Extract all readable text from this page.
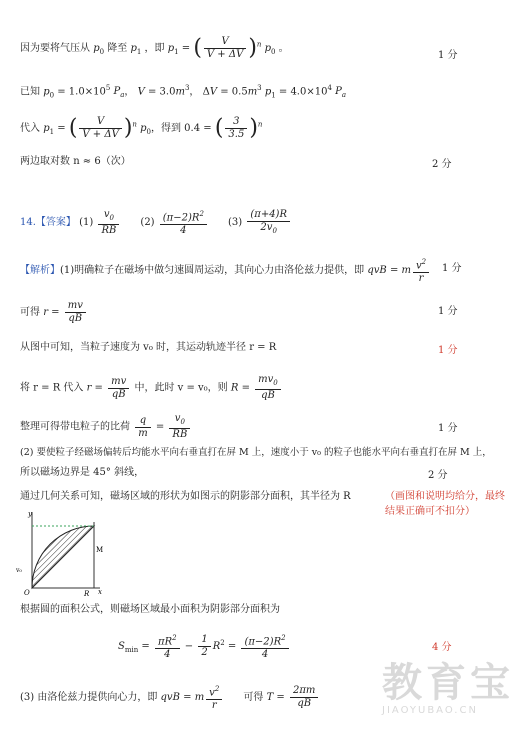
因为要将气压从 $p_0$ 降至 $p_1$ ，即 $p_1$ = ( $\frac{V}{V + \Delta V} )^n$ $p_0$ 。
1 分
已知 $p_0 = 1.0\times 10^5$ $P_a$， $V = 3.0m^3$， $\Delta V = 0.5m^3$ $p_1 = 4.0\times 10^4$ $P_a$
代入 $p_1$ = ( $\frac{V}{V + \Delta V} )^n$ $p_0$，得到 0.4 = ( $\frac{3}{3.5} )^n$
两边取对数 n ≈ 6（次）	2 分
14.【答案】 $(1) \frac{v_0}{RB} (2) \frac{(\pi-2)R^2}{4} (3) \frac{(\pi+4)R}{2v_0}$
【解析】(1)明确粒子在磁场中做匀速圆周运动，其向心力由洛伦兹力提供，即 qvB = m $\frac{v^2}{r} 1$ 分
可得 $r = \frac{mv}{qB}$	1 分
从图中可知，当粒子速度为 v₀ 时，其运动轨迹半径 r = R	1 分
将 r = R 代入 $r = \frac{mv}{qB}$ 中，此时 v = v₀，则 $R = \frac{mv_0}{qB}$
整理可得带电粒子的比荷 $\frac{q}{m} = \frac{v_0}{RB}$	1 分
(2) 要使粒子经磁场偏转后均能水平向右垂直打在屏 M 上，速度小于 v₀ 的粒子也能水平向右垂直打在屏 M 上，
所以磁场边界是 45° 斜线，	2 分
通过几何关系可知，磁场区域的形状为如图示的阴影部分面积，其半径为 R	（画图和说明均给分，最终结果正确可不扣分）
y
x
O
v₀
R
M
根据圆的面积公式，则磁场区域最小面积为阴影部分面积为
$S_{min} = \frac{\pi R^2}{4} - \frac{1}{2} R^2 = \frac{(\pi-2)R^2}{4}$	4 分
(3) 由洛伦兹力提供向心力，即 qvB = m $\frac{v^2}{r}$ 可得 $T = \frac{2\pi m}{qB}$ 教育宝
JIAOYUBAO.CN
